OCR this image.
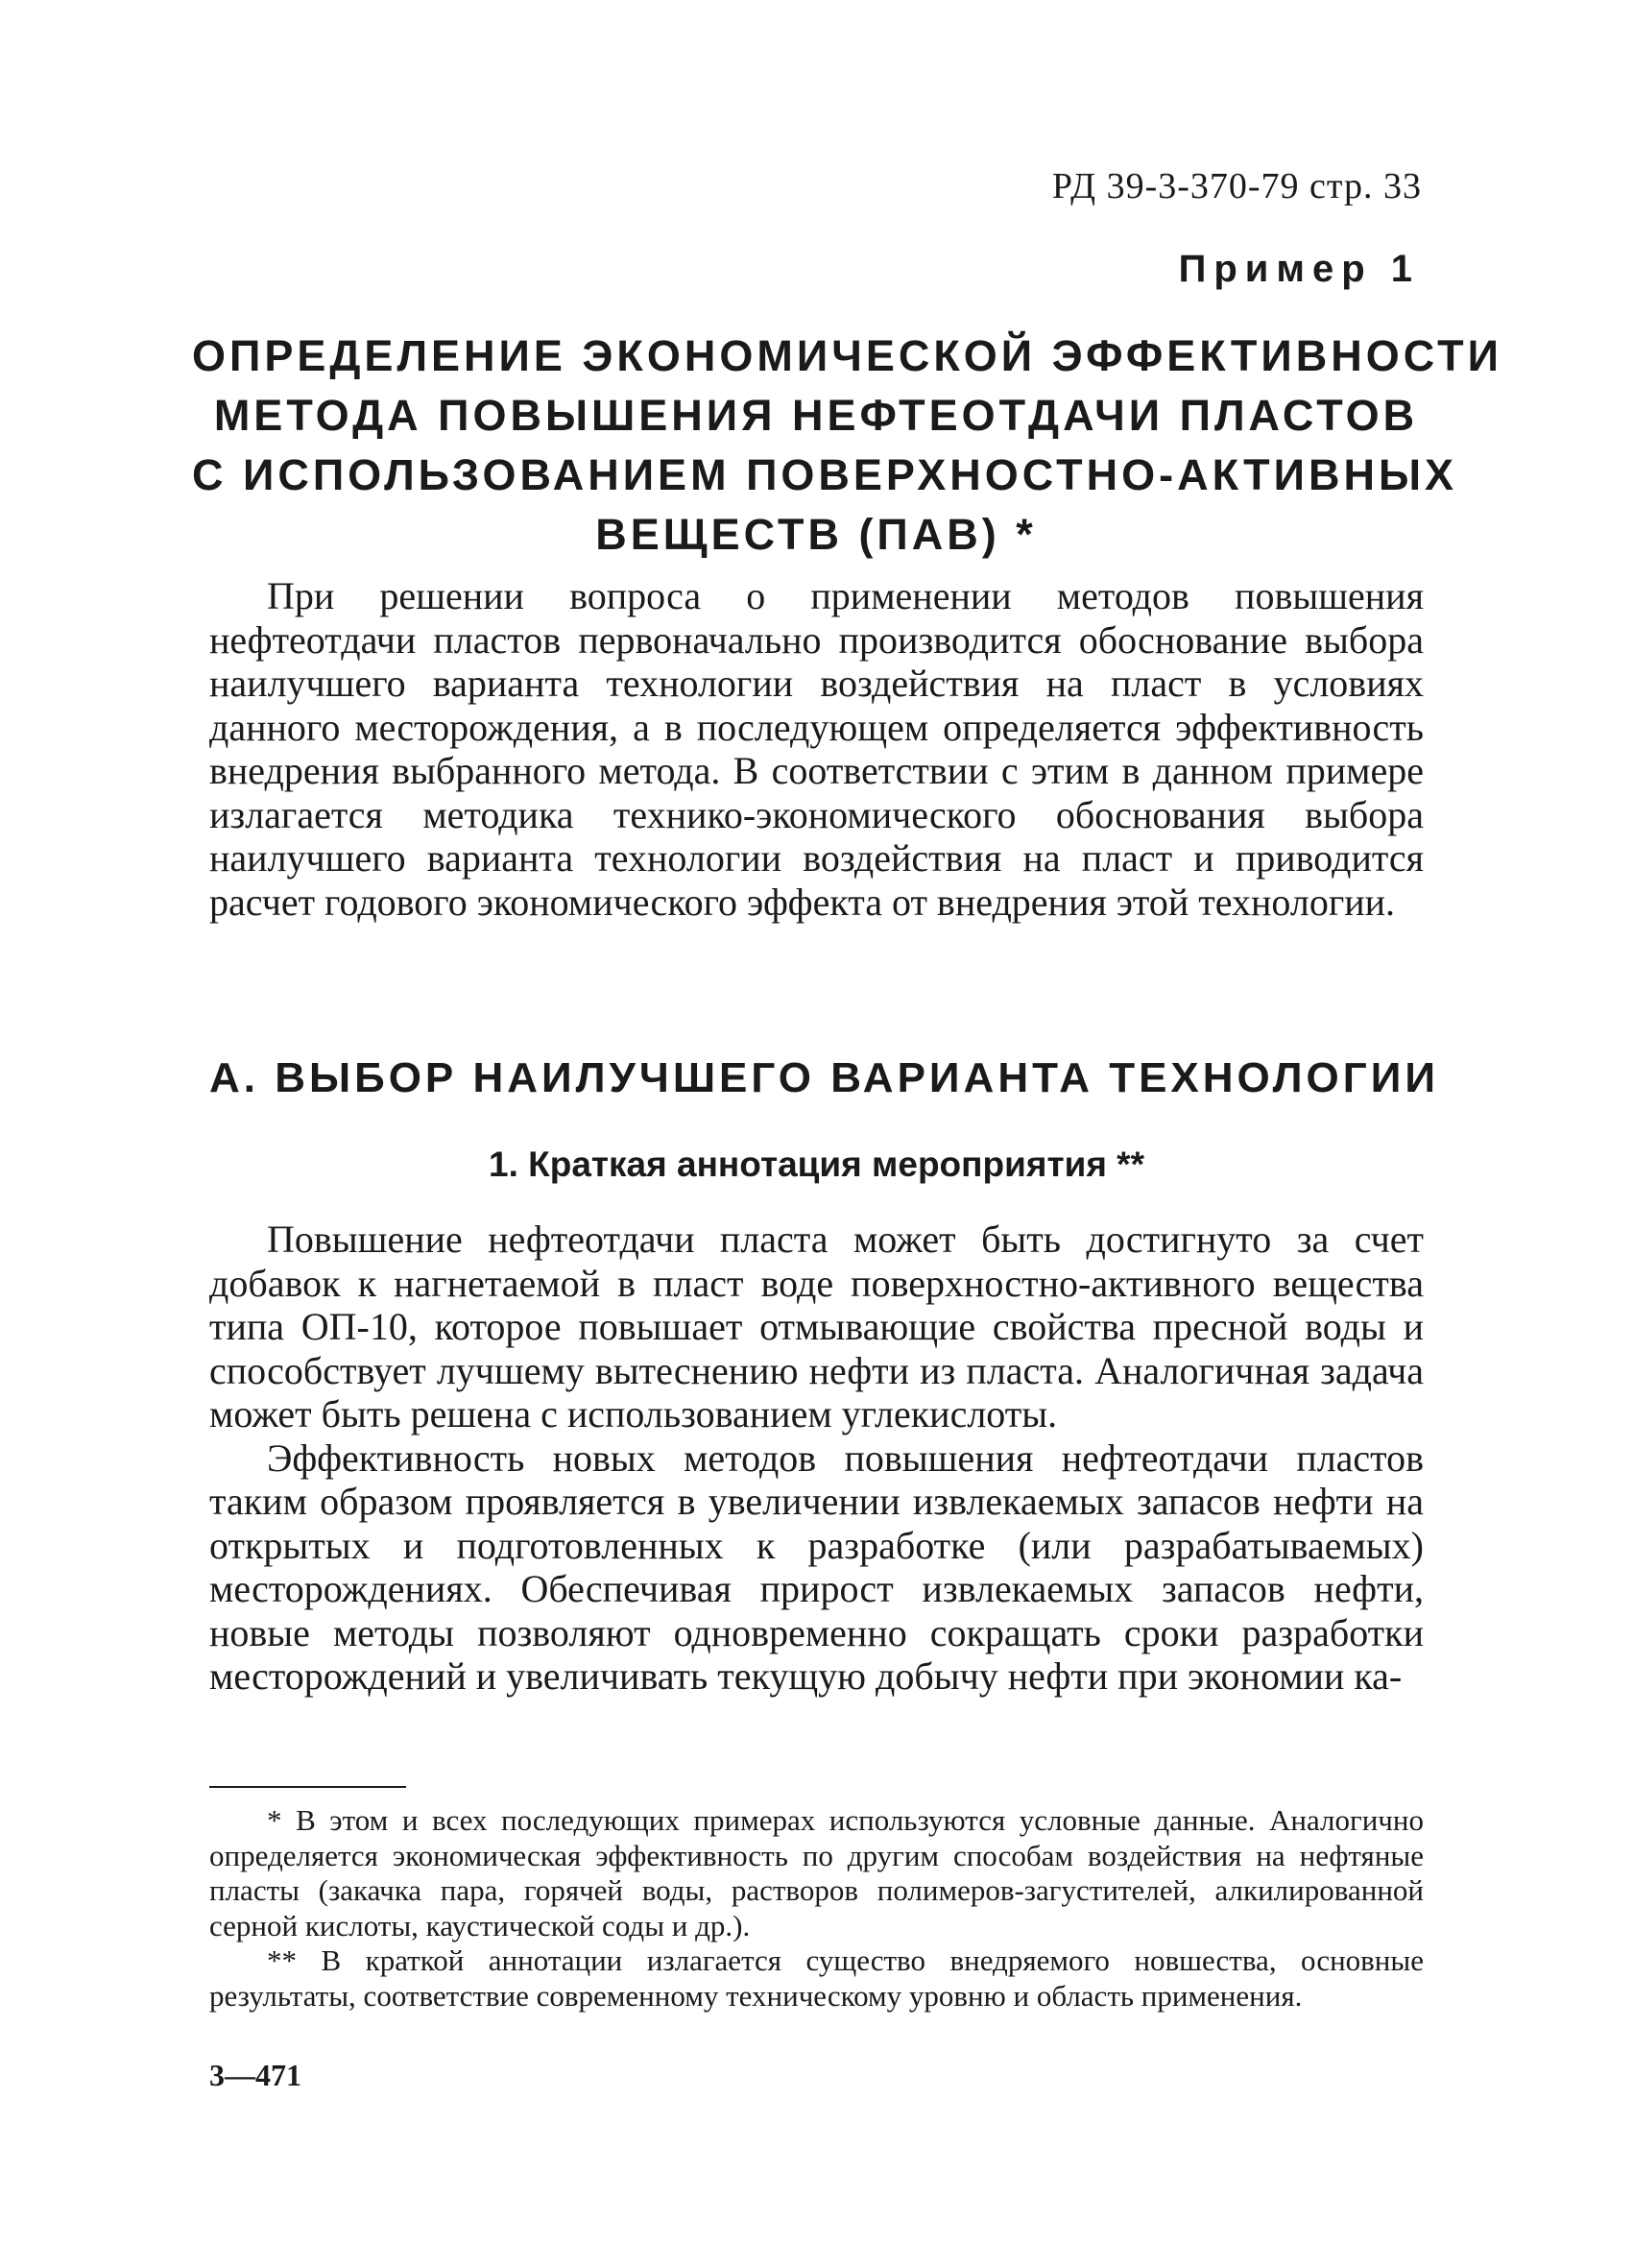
РД 39-3-370-79 стр. 33
Пример 1
ОПРЕДЕЛЕНИЕ ЭКОНОМИЧЕСКОЙ ЭФФЕКТИВНОСТИ
МЕТОДА ПОВЫШЕНИЯ НЕФТЕОТДАЧИ ПЛАСТОВ
С ИСПОЛЬЗОВАНИЕМ ПОВЕРХНОСТНО-АКТИВНЫХ
ВЕЩЕСТВ (ПАВ) *

При решении вопроса о применении методов повышения нефтеотдачи пластов первоначально производится обоснование выбора наилучшего варианта технологии воздействия на пласт в условиях данного месторождения, а в последующем определяется эффективность внедрения выбранного метода. В соответствии с этим в данном примере излагается методика технико-экономического обоснования выбора наилучшего варианта технологии воздействия на пласт и приводится расчет годового экономического эффекта от внедрения этой технологии.

А. ВЫБОР НАИЛУЧШЕГО ВАРИАНТА ТЕХНОЛОГИИ
1. Краткая аннотация мероприятия **

Повышение нефтеотдачи пласта может быть достигнуто за счет добавок к нагнетаемой в пласт воде поверхностно-активного вещества типа ОП-10, которое повышает отмывающие свойства пресной воды и способствует лучшему вытеснению нефти из пласта. Аналогичная задача может быть решена с использованием углекислоты.

Эффективность новых методов повышения нефтеотдачи пластов таким образом проявляется в увеличении извлекаемых запасов нефти на открытых и подготовленных к разработке (или разрабатываемых) месторождениях. Обеспечивая прирост извлекаемых запасов нефти, новые методы позволяют одновременно сокращать сроки разработки месторождений и увеличивать текущую добычу нефти при экономии ка-

* В этом и всех последующих примерах используются условные данные. Аналогично определяется экономическая эффективность по другим способам воздействия на нефтяные пласты (закачка пара, горячей воды, растворов полимеров-загустителей, алкилированной серной кислоты, каустической соды и др.).

** В краткой аннотации излагается существо внедряемого новшества, основные результаты, соответствие современному техническому уровню и область применения.

3—471
